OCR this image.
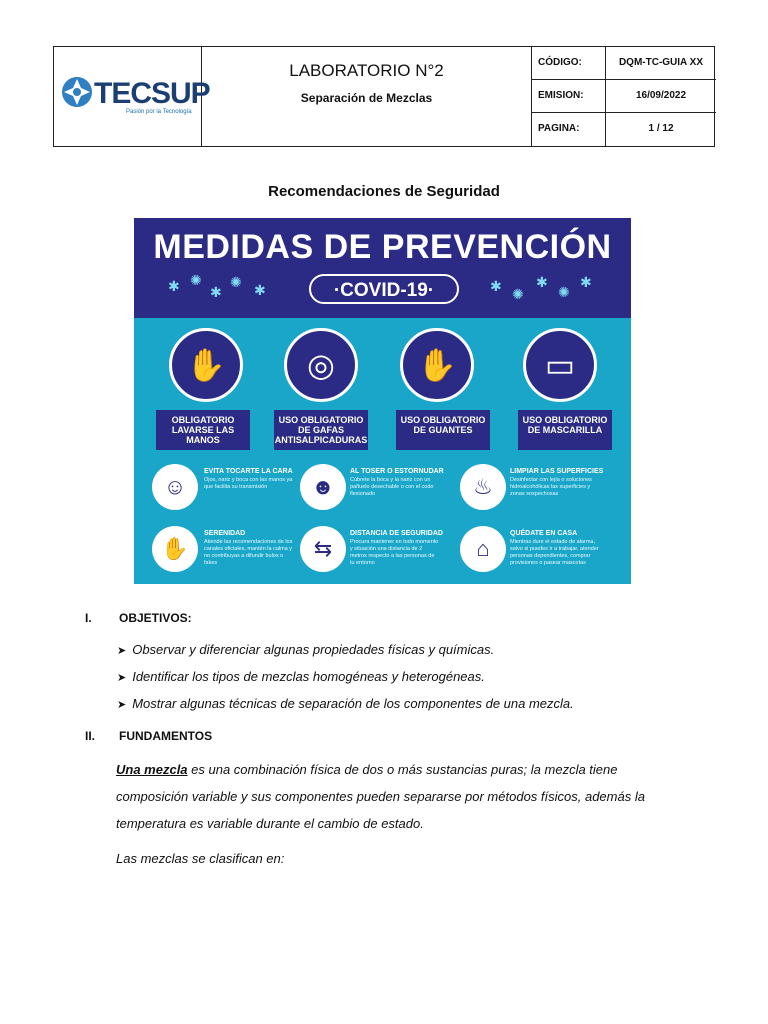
TECSUP
Pasión por la Tecnología
LABORATORIO N°2
Separación de Mezclas
CÓDIGO:	DQM-TC-GUIA XX
EMISION:	16/09/2022
PAGINA:	1 / 12
Recomendaciones de Seguridad
MEDIDAS DE PREVENCIÓN
✱ ✺
✱
✺ ✱	✱ ✺
✱
✺
✱
·COVID-19·
✋	◎	✋	▭
OBLIGATORIO LAVARSE LAS MANOS
USO OBLIGATORIO DE GAFAS ANTISALPICADURAS
USO OBLIGATORIO DE GUANTES
USO OBLIGATORIO DE MASCARILLA
☺
EVITA TOCARTE LA CARA
Ojos, nariz y boca con las manos ya que facilita su transmisión	☻
AL TOSER O ESTORNUDAR
Cúbrete la boca y la nariz con un pañuelo desechable o con el codo flexionado	♨
LIMPIAR LAS SUPERFICIES
Desinfectar con lejía o soluciones hidroalcohólicas las superficies y zonas sospechosas
✋
SERENIDAD
Atiende las recomendaciones de los canales oficiales, mantén la calma y no contribuyas a difundir bulos o fakes
⇆
DISTANCIA DE SEGURIDAD
Procura mantener en todo momento y situación una distancia de 2 metros respecto a las personas de tu entorno
⌂
QUÉDATE EN CASA
Mientras dure el estado de alarma, salvo si puedes ir a trabajar, atender personas dependientes, comprar provisiones o pasear mascotas
I. OBJETIVOS:
➤ Observar y diferenciar algunas propiedades físicas y químicas.
➤ Identificar los tipos de mezclas homogéneas y heterogéneas.
➤ Mostrar algunas técnicas de separación de los componentes de una mezcla.
II. FUNDAMENTOS
Una mezcla es una combinación física de dos o más sustancias puras; la mezcla tiene composición variable y sus componentes pueden separarse por métodos físicos, además la temperatura es variable durante el cambio de estado.
Las mezclas se clasifican en:
